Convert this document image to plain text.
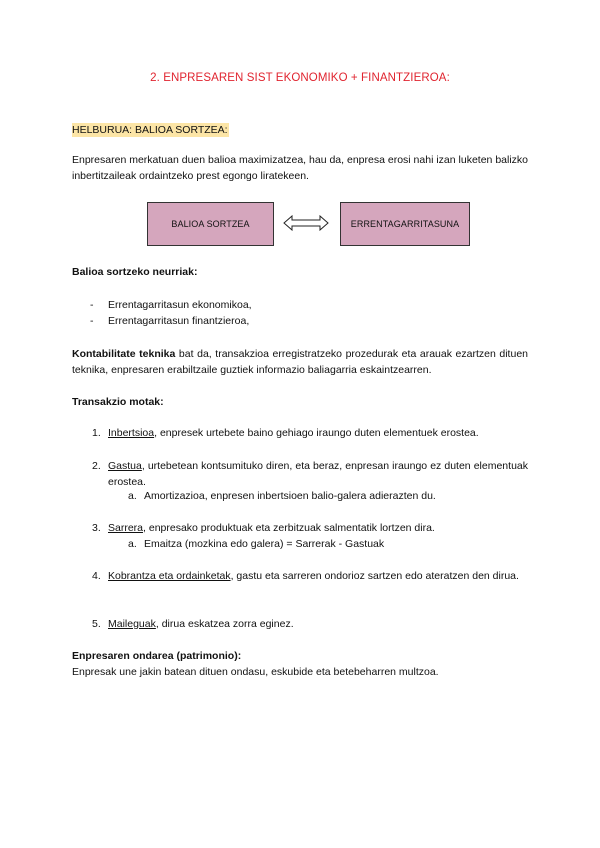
2. ENPRESAREN SIST EKONOMIKO + FINANTZIEROA:
HELBURUA: BALIOA SORTZEA:
Enpresaren merkatuan duen balioa maximizatzea, hau da, enpresa erosi nahi izan luketen balizko inbertitzaileak ordaintzeko prest egongo liratekeen.
BALIOA SORTZEA	ERRENTAGARRITASUNA
Balioa sortzeko neurriak:
- Errentagarritasun ekonomikoa,
- Errentagarritasun finantzieroa,
Kontabilitate teknika bat da, transakzioa erregistratzeko prozedurak eta arauak ezartzen dituen teknika, enpresaren erabiltzaile guztiek informazio baliagarria eskaintzearren.
Transakzio motak:
1. Inbertsioa, enpresek urtebete baino gehiago iraungo duten elementuek erostea.
2. Gastua, urtebetean kontsumituko diren, eta beraz, enpresan iraungo ez duten elementuak erostea.
a. Amortizazioa, enpresen inbertsioen balio-galera adierazten du.
3. Sarrera, enpresako produktuak eta zerbitzuak salmentatik lortzen dira.
a. Emaitza (mozkina edo galera) = Sarrerak - Gastuak
4. Kobrantza eta ordainketak, gastu eta sarreren ondorioz sartzen edo ateratzen den dirua.
5. Maileguak, dirua eskatzea zorra eginez.
Enpresaren ondarea (patrimonio):
Enpresak une jakin batean dituen ondasu, eskubide eta betebeharren multzoa.
